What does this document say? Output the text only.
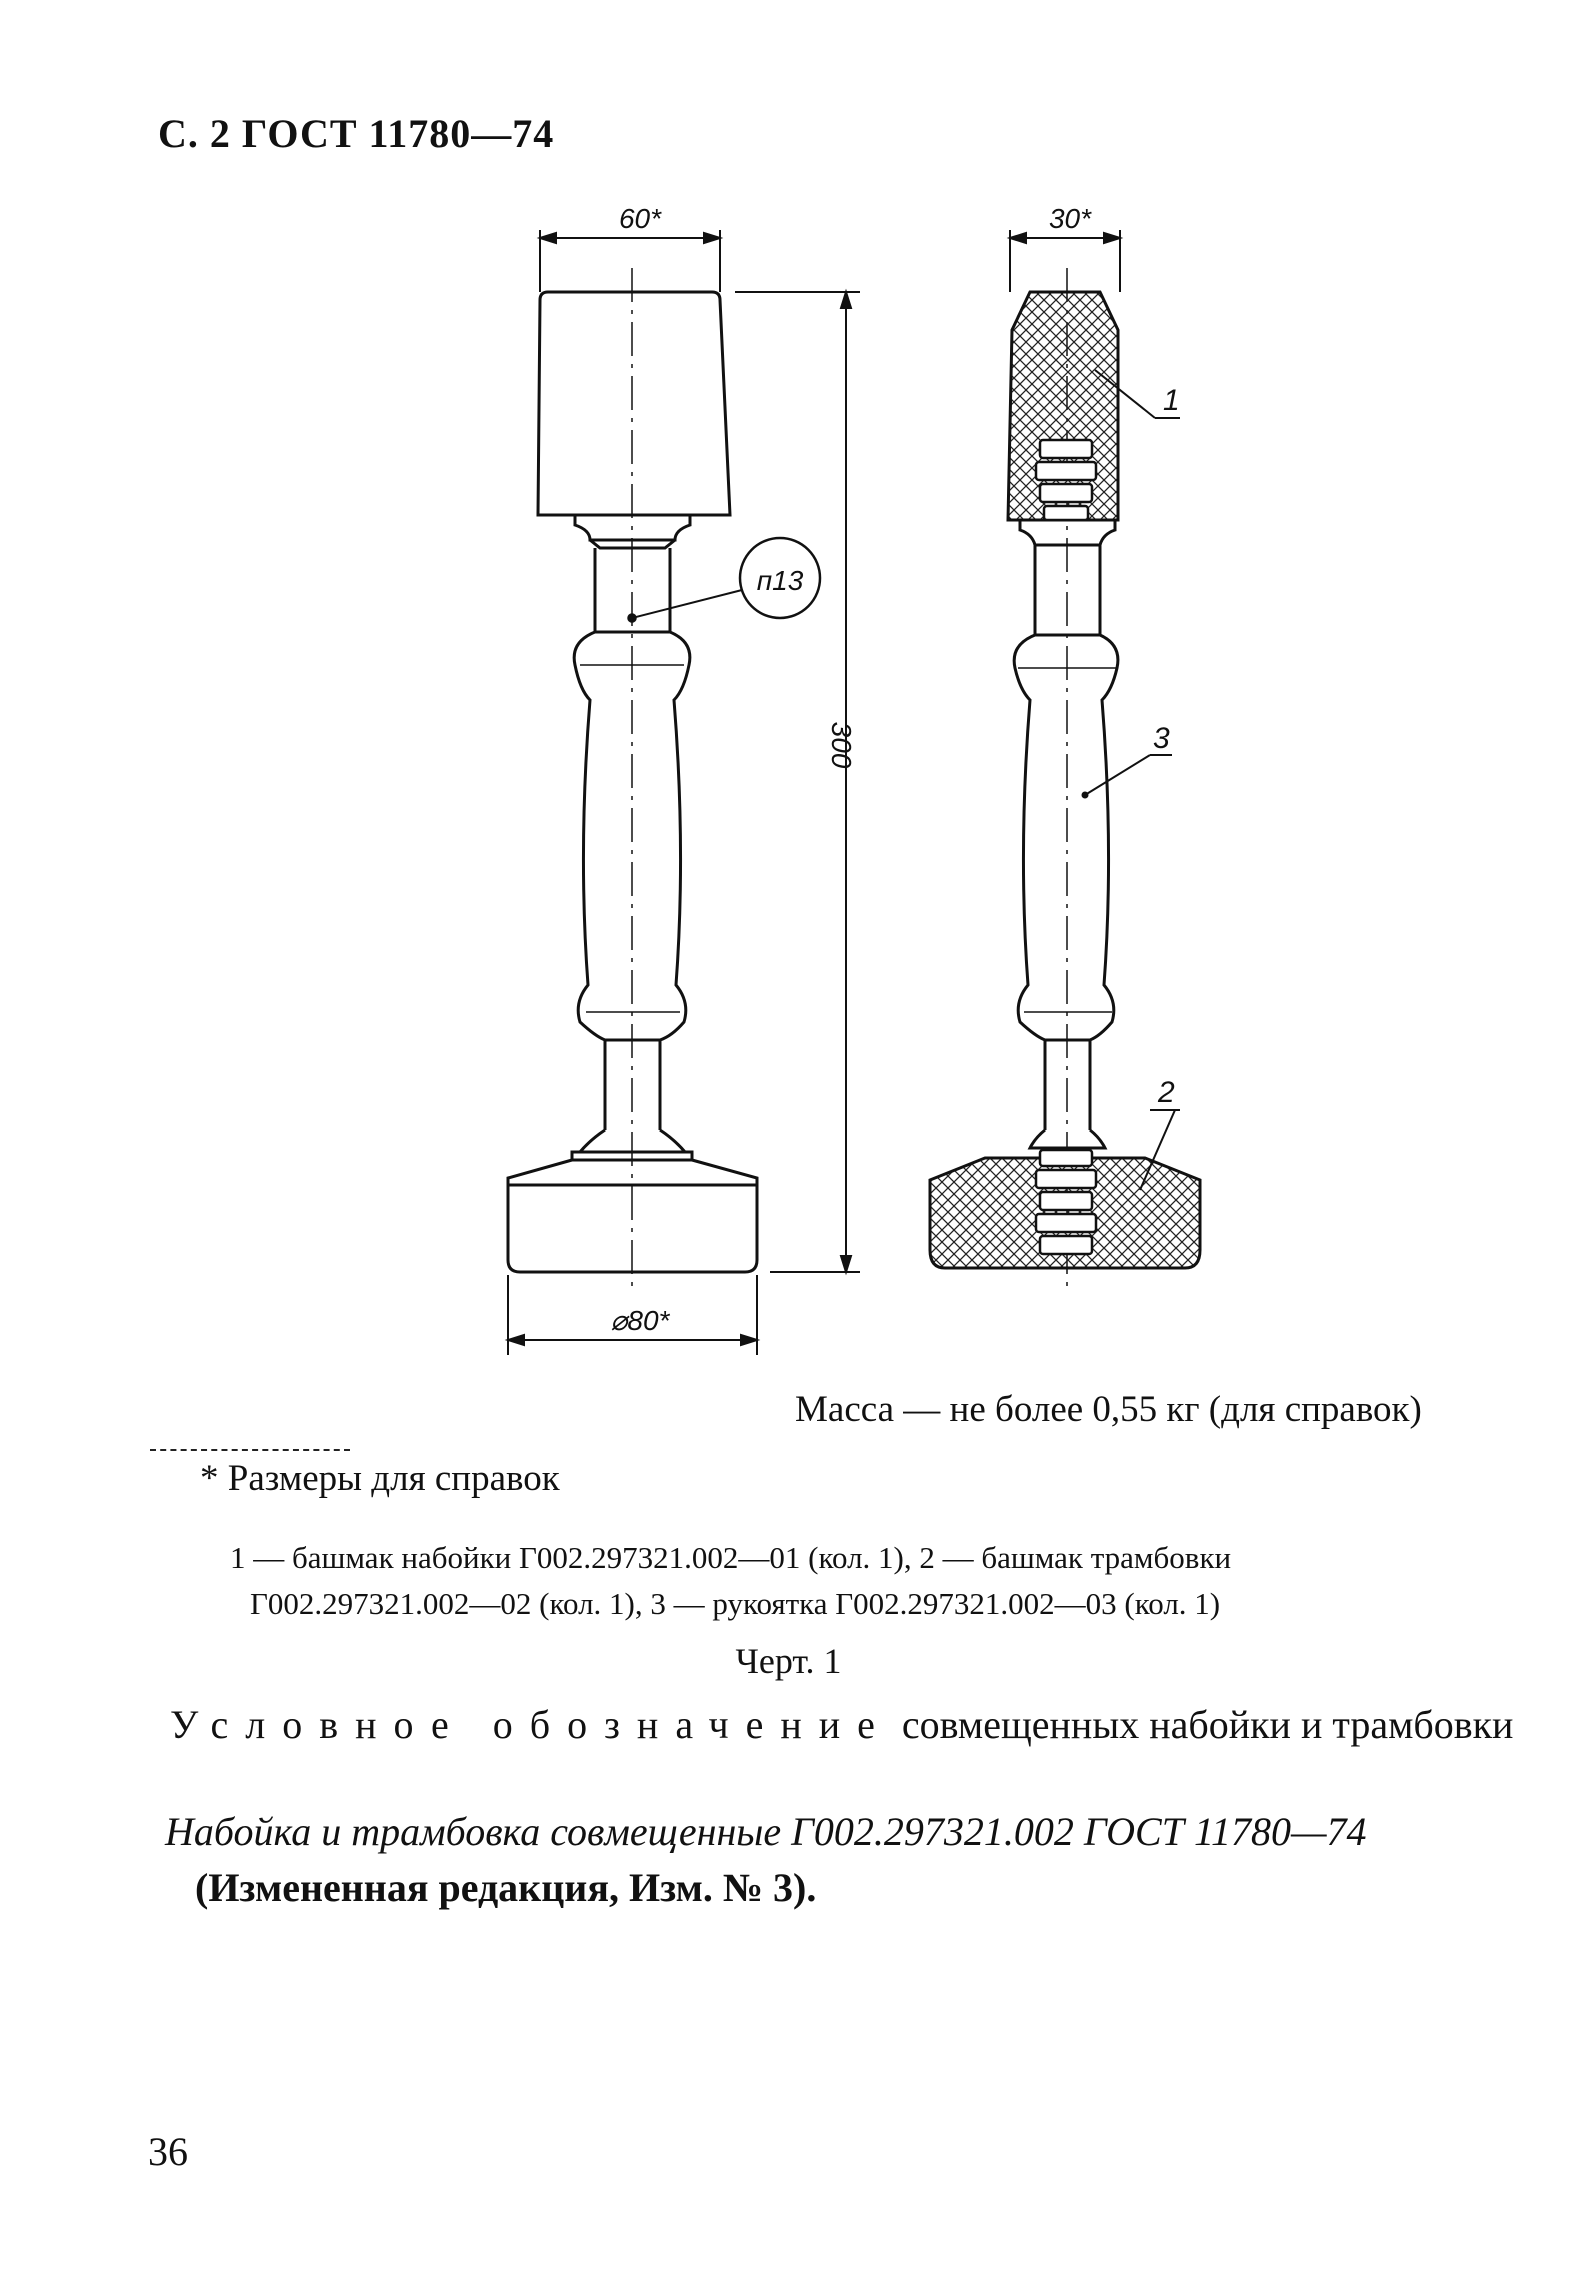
С. 2 ГОСТ 11780—74

п13
60*
300
⌀80*
30*
1
3
2

Масса — не более 0,55 кг (для справок)

* Размеры для справок

1 — башмак набойки Г002.297321.002—01 (кол. 1), 2 — башмак трамбовки
Г002.297321.002—02 (кол. 1), 3 — рукоятка Г002.297321.002—03 (кол. 1)

Черт. 1

Условное обозначение совмещенных набойки и трамбовки

Набойка и трамбовка совмещенные Г002.297321.002 ГОСТ 11780—74

(Измененная редакция, Изм. № 3).

36
